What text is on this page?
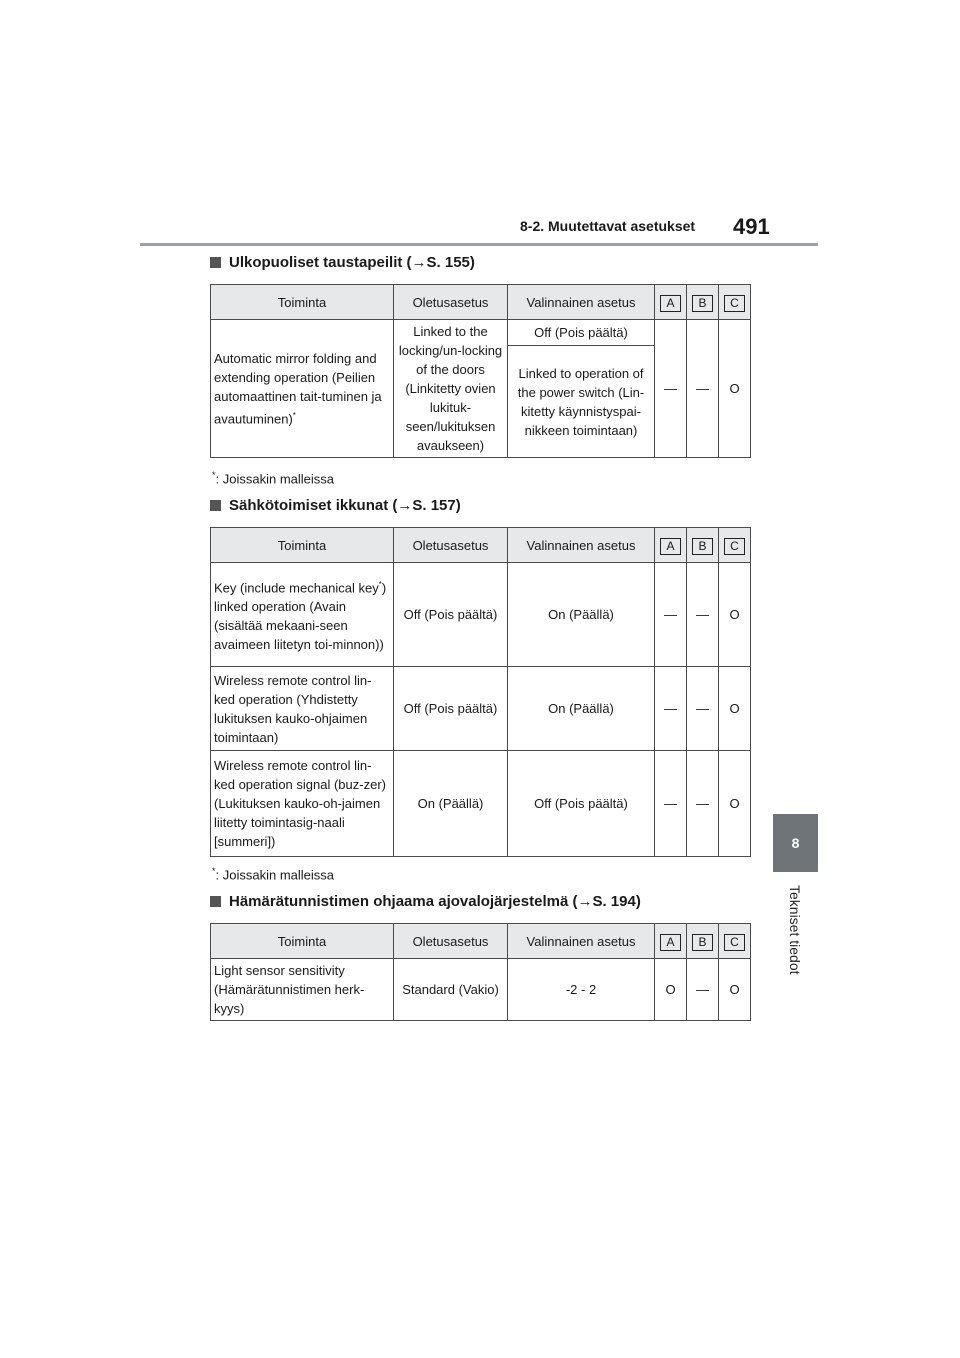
8-2. Muutettavat asetukset 491
8
Tekniset tiedot
Ulkopuoliset taustapeilit (→S. 155)
Toiminta	Oletusasetus	Valinnainen asetus	A	B	C
Automatic mirror folding and extending operation (Peilien automaattinen tait-tuminen ja avautuminen)*	Linked to the locking/un-locking of the doors (Linkitetty ovien lukituk-seen/lukituksen avaukseen)	Off (Pois päältä)	—	—	O
		Linked to operation of the power switch (Lin-kitetty käynnistyspai-nikkeen toimintaan)			
*: Joissakin malleissa
Sähkötoimiset ikkunat (→S. 157)
Toiminta	Oletusasetus	Valinnainen asetus	A	B	C
Key (include mechanical key*) linked operation (Avain (sisältää mekaani-seen avaimeen liitetyn toi-minnon))	Off (Pois päältä)	On (Päällä)	—	—	O
Wireless remote control lin-ked operation (Yhdistetty lukituksen kauko-ohjaimen toimintaan)	Off (Pois päältä)	On (Päällä)	—	—	O
Wireless remote control lin-ked operation signal (buz-zer) (Lukituksen kauko-oh-jaimen liitetty toimintasig-naali [summeri])	On (Päällä)	Off (Pois päältä)	—	—	O
*: Joissakin malleissa
Hämärätunnistimen ohjaama ajovalojärjestelmä (→S. 194)
Toiminta	Oletusasetus	Valinnainen asetus	A	B	C
Light sensor sensitivity (Hämärätunnistimen herk-kyys)	Standard (Vakio)	-2 - 2	O	—	O
